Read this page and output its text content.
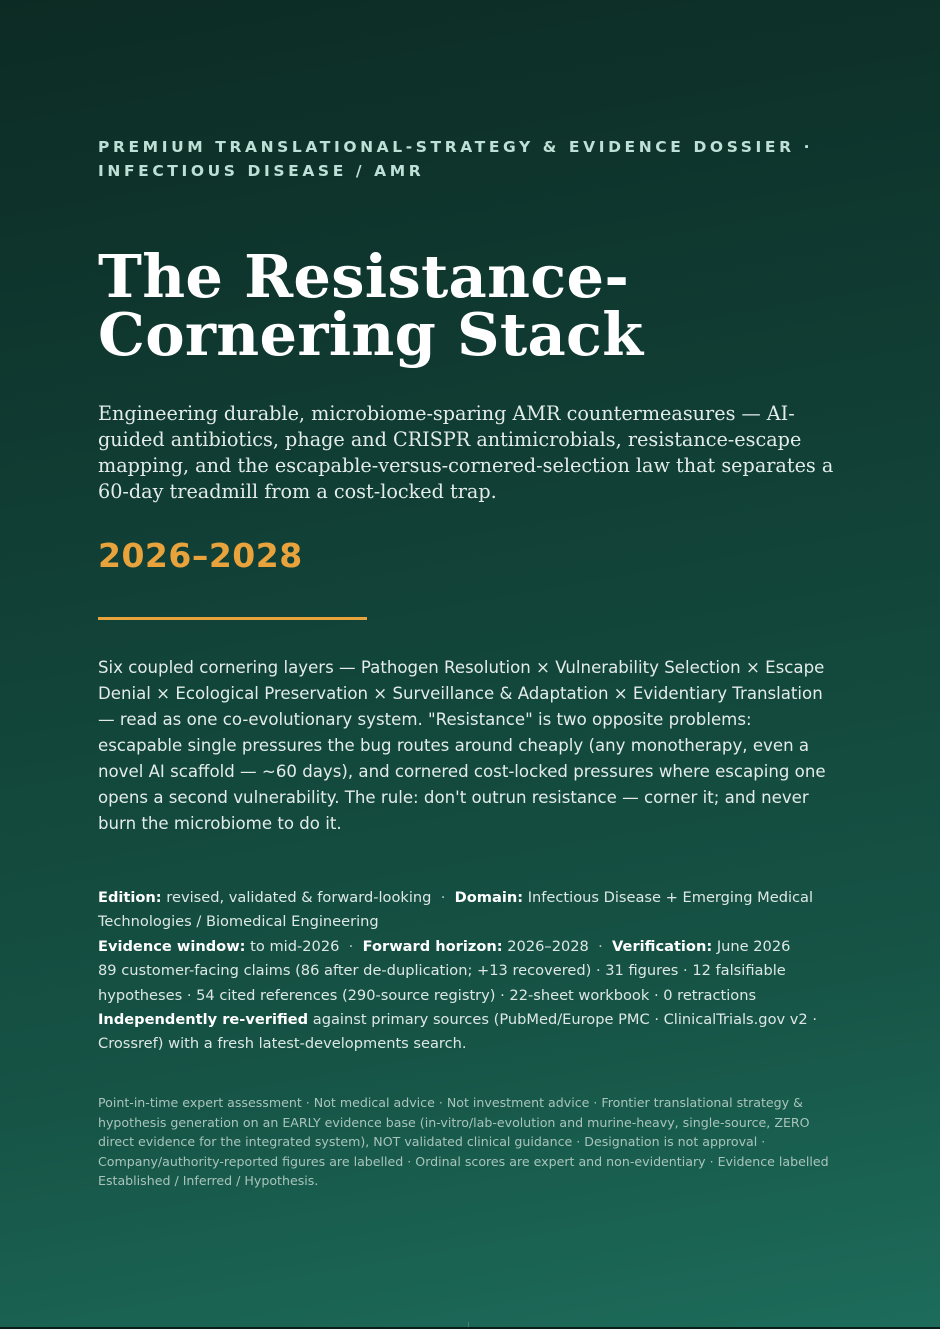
PREMIUM TRANSLATIONAL-STRATEGY & EVIDENCE DOSSIER · INFECTIOUS DISEASE / AMR

The Resistance-
Cornering Stack

Engineering durable, microbiome-sparing AMR countermeasures — AI-guided antibiotics, phage and CRISPR antimicrobials, resistance-escape mapping, and the escapable-versus-cornered-selection law that separates a 60-day treadmill from a cost-locked trap.

2026–2028

Six coupled cornering layers — Pathogen Resolution × Vulnerability Selection × Escape Denial × Ecological Preservation × Surveillance & Adaptation × Evidentiary Translation — read as one co-evolutionary system. "Resistance" is two opposite problems: escapable single pressures the bug routes around cheaply (any monotherapy, even a novel AI scaffold — ~60 days), and cornered cost-locked pressures where escaping one opens a second vulnerability. The rule: don't outrun resistance — corner it; and never burn the microbiome to do it.

Edition: revised, validated & forward-looking · Domain: Infectious Disease + Emerging Medical Technologies / Biomedical Engineering
Evidence window: to mid-2026 · Forward horizon: 2026–2028 · Verification: June 2026
89 customer-facing claims (86 after de-duplication; +13 recovered) · 31 figures · 12 falsifiable hypotheses · 54 cited references (290-source registry) · 22-sheet workbook · 0 retractions
Independently re-verified against primary sources (PubMed/Europe PMC · ClinicalTrials.gov v2 · Crossref) with a fresh latest-developments search.

Point-in-time expert assessment · Not medical advice · Not investment advice · Frontier translational strategy & hypothesis generation on an EARLY evidence base (in-vitro/lab-evolution and murine-heavy, single-source, ZERO direct evidence for the integrated system), NOT validated clinical guidance · Designation is not approval · Company/authority-reported figures are labelled · Ordinal scores are expert and non-evidentiary · Evidence labelled Established / Inferred / Hypothesis.
